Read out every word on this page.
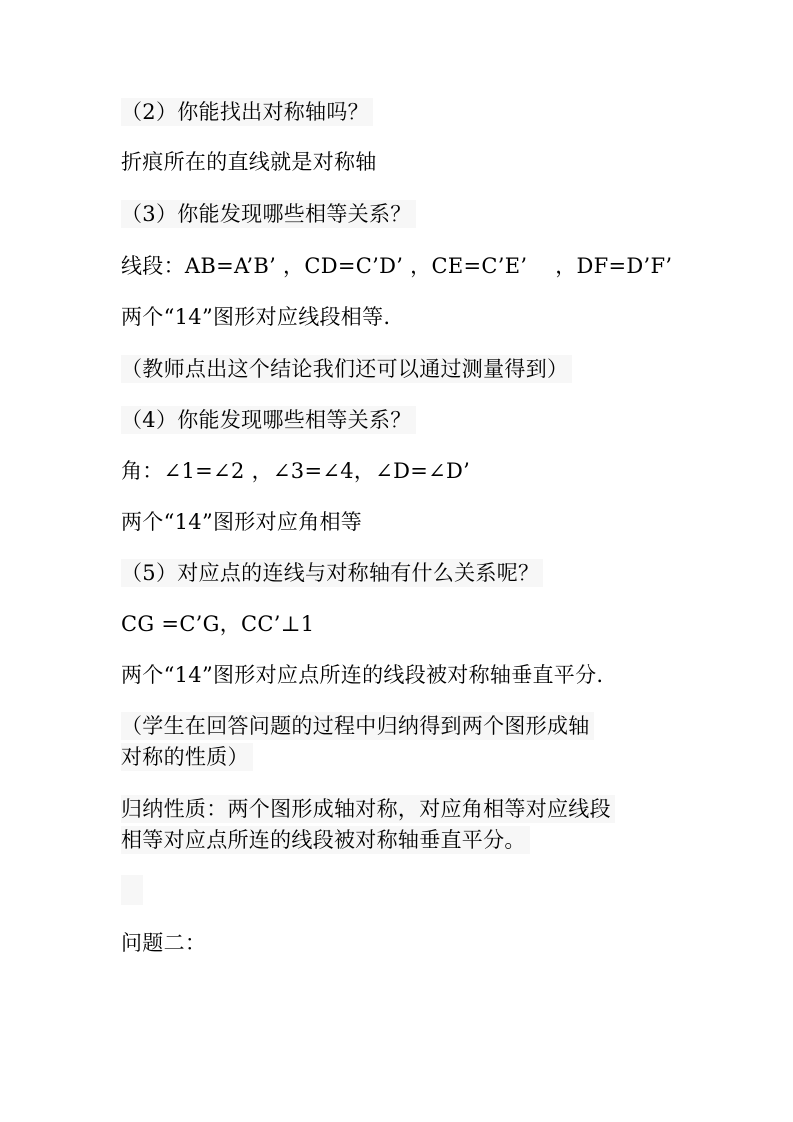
（2）你能找出对称轴吗？
折痕所在的直线就是对称轴
（3）你能发现哪些相等关系？
线段：AB=A’B’ ，CD=C’D’ ，CE=C’E’    ，DF=D’F’
两个“14”图形对应线段相等.
（教师点出这个结论我们还可以通过测量得到）
（4）你能发现哪些相等关系？
角：∠1=∠2 ，∠3=∠4，∠D=∠D’
两个“14”图形对应角相等
（5）对应点的连线与对称轴有什么关系呢？
CG =C’G，CC’⊥1
两个“14”图形对应点所连的线段被对称轴垂直平分.
（学生在回答问题的过程中归纳得到两个图形成轴
对称的性质）
归纳性质：两个图形成轴对称，对应角相等对应线段
相等对应点所连的线段被对称轴垂直平分。
问题二：
